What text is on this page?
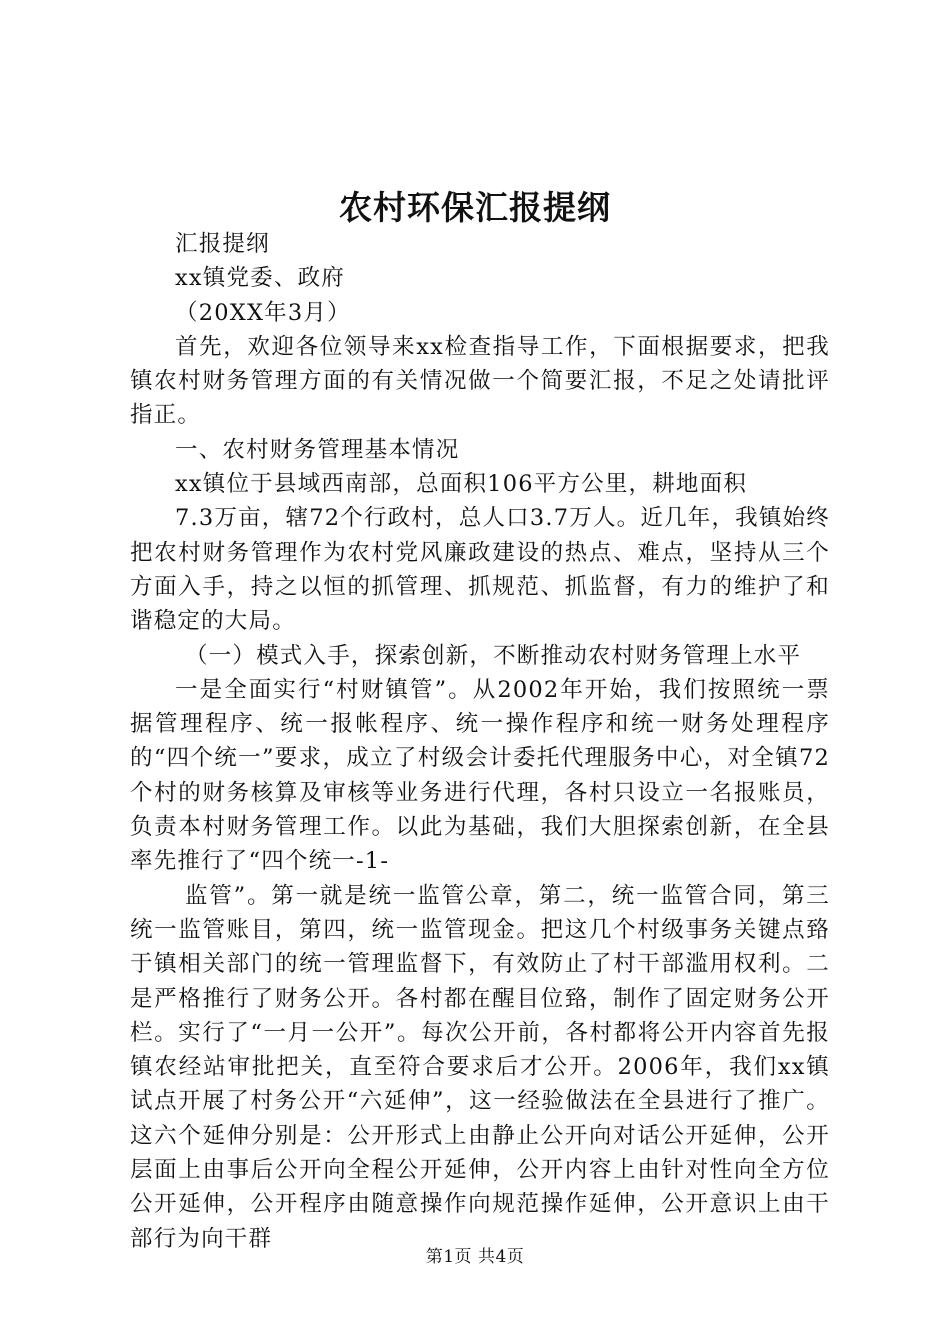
农村环保汇报提纲

汇报提纲

xx镇党委、政府

（20XX年3月）

首先，欢迎各位领导来xx检查指导工作，下面根据要求，把我镇农村财务管理方面的有关情况做一个简要汇报，不足之处请批评指正。

一、农村财务管理基本情况

xx镇位于县域西南部，总面积106平方公里，耕地面积

7.3万亩，辖72个行政村，总人口3.7万人。近几年，我镇始终把农村财务管理作为农村党风廉政建设的热点、难点，坚持从三个方面入手，持之以恒的抓管理、抓规范、抓监督，有力的维护了和谐稳定的大局。

（一）模式入手，探索创新，不断推动农村财务管理上水平

一是全面实行“村财镇管”。从2002年开始，我们按照统一票据管理程序、统一报帐程序、统一操作程序和统一财务处理程序的“四个统一”要求，成立了村级会计委托代理服务中心，对全镇72个村的财务核算及审核等业务进行代理，各村只设立一名报账员，负责本村财务管理工作。以此为基础，我们大胆探索创新，在全县率先推行了“四个统一-1-

监管”。第一就是统一监管公章，第二，统一监管合同，第三统一监管账目，第四，统一监管现金。把这几个村级事务关键点臵于镇相关部门的统一管理监督下，有效防止了村干部滥用权利。二是严格推行了财务公开。各村都在醒目位臵，制作了固定财务公开栏。实行了“一月一公开”。每次公开前，各村都将公开内容首先报镇农经站审批把关，直至符合要求后才公开。2006年，我们xx镇试点开展了村务公开“六延伸”，这一经验做法在全县进行了推广。这六个延伸分别是：公开形式上由静止公开向对话公开延伸，公开层面上由事后公开向全程公开延伸，公开内容上由针对性向全方位公开延伸，公开程序由随意操作向规范操作延伸，公开意识上由干部行为向干群

第1页 共4页
